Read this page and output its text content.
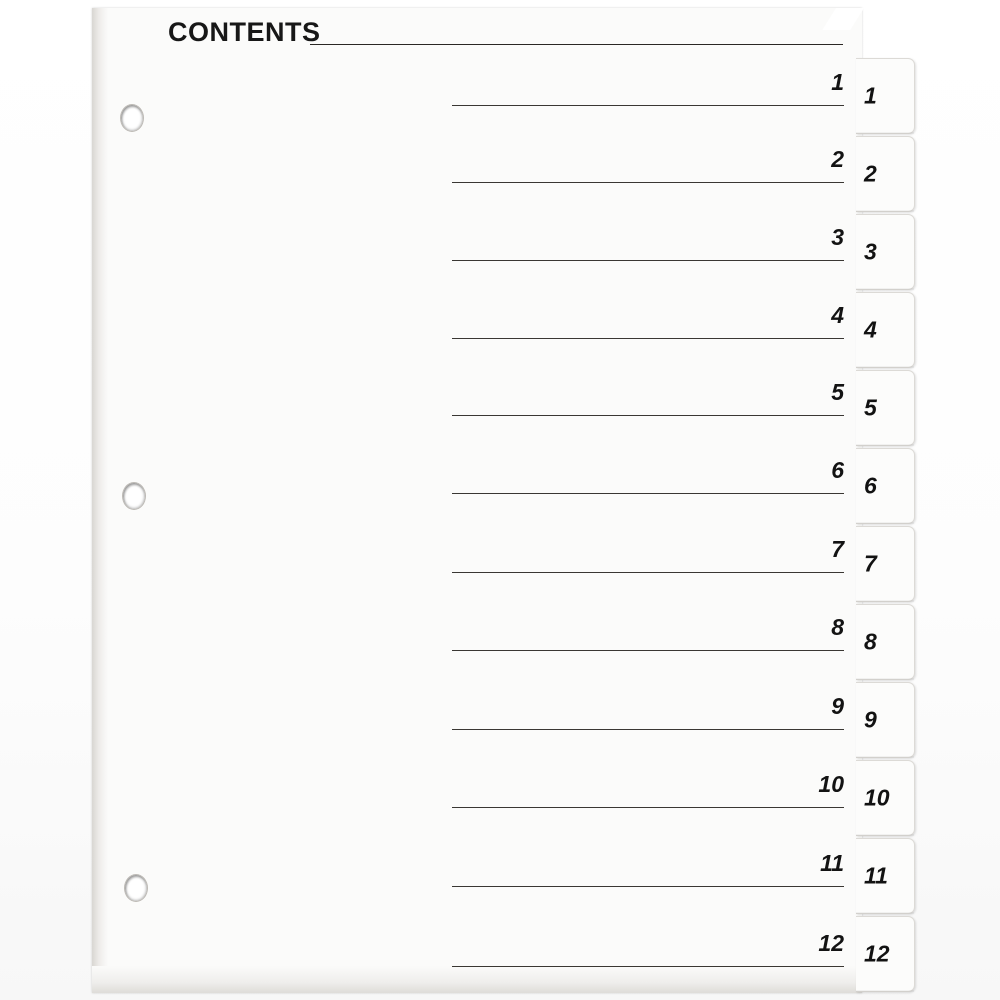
CONTENTS
1
2
3
4
5
6
7
8
9
10
11
12
1
2
3
4
5
6
7
8
9
10
11
12
